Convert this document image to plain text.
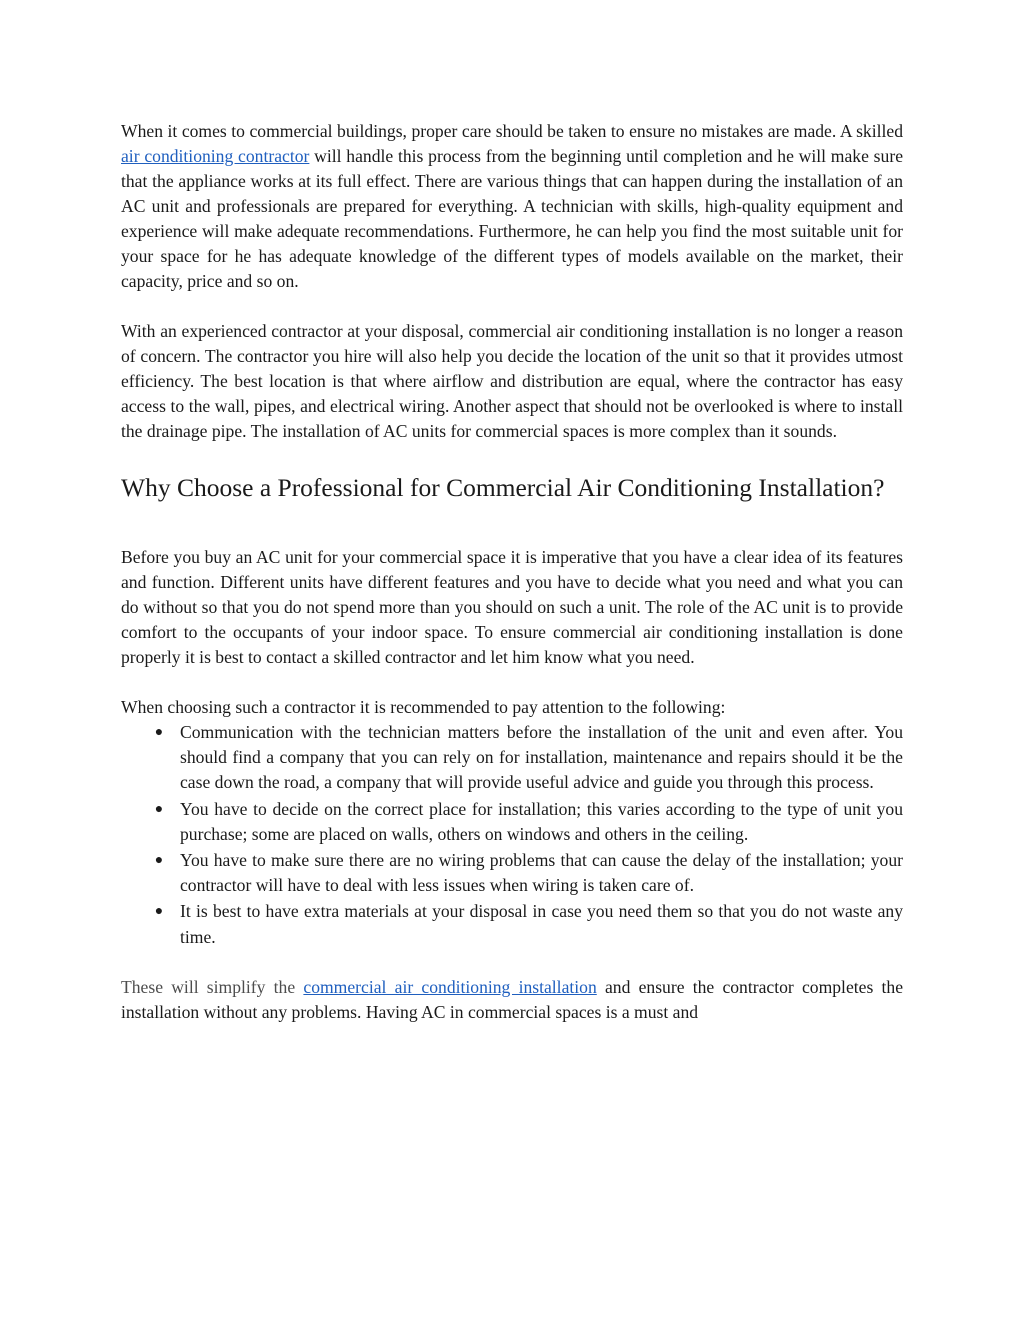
When it comes to commercial buildings, proper care should be taken to ensure no mistakes are made. A skilled air conditioning contractor will handle this process from the beginning until completion and he will make sure that the appliance works at its full effect. There are various things that can happen during the installation of an AC unit and professionals are prepared for everything. A technician with skills, high-quality equipment and experience will make adequate recommendations. Furthermore, he can help you find the most suitable unit for your space for he has adequate knowledge of the different types of models available on the market, their capacity, price and so on.

With an experienced contractor at your disposal, commercial air conditioning installation is no longer a reason of concern. The contractor you hire will also help you decide the location of the unit so that it provides utmost efficiency. The best location is that where airflow and distribution are equal, where the contractor has easy access to the wall, pipes, and electrical wiring. Another aspect that should not be overlooked is where to install the drainage pipe. The installation of AC units for commercial spaces is more complex than it sounds.

Why Choose a Professional for Commercial Air Conditioning Installation?

Before you buy an AC unit for your commercial space it is imperative that you have a clear idea of its features and function. Different units have different features and you have to decide what you need and what you can do without so that you do not spend more than you should on such a unit. The role of the AC unit is to provide comfort to the occupants of your indoor space. To ensure commercial air conditioning installation is done properly it is best to contact a skilled contractor and let him know what you need.

When choosing such a contractor it is recommended to pay attention to the following:

● Communication with the technician matters before the installation of the unit and even after. You should find a company that you can rely on for installation, maintenance and repairs should it be the case down the road, a company that will provide useful advice and guide you through this process.
● You have to decide on the correct place for installation; this varies according to the type of unit you purchase; some are placed on walls, others on windows and others in the ceiling.
● You have to make sure there are no wiring problems that can cause the delay of the installation; your contractor will have to deal with less issues when wiring is taken care of.
● It is best to have extra materials at your disposal in case you need them so that you do not waste any time.

These will simplify the commercial air conditioning installation and ensure the contractor completes the installation without any problems. Having AC in commercial spaces is a must and
